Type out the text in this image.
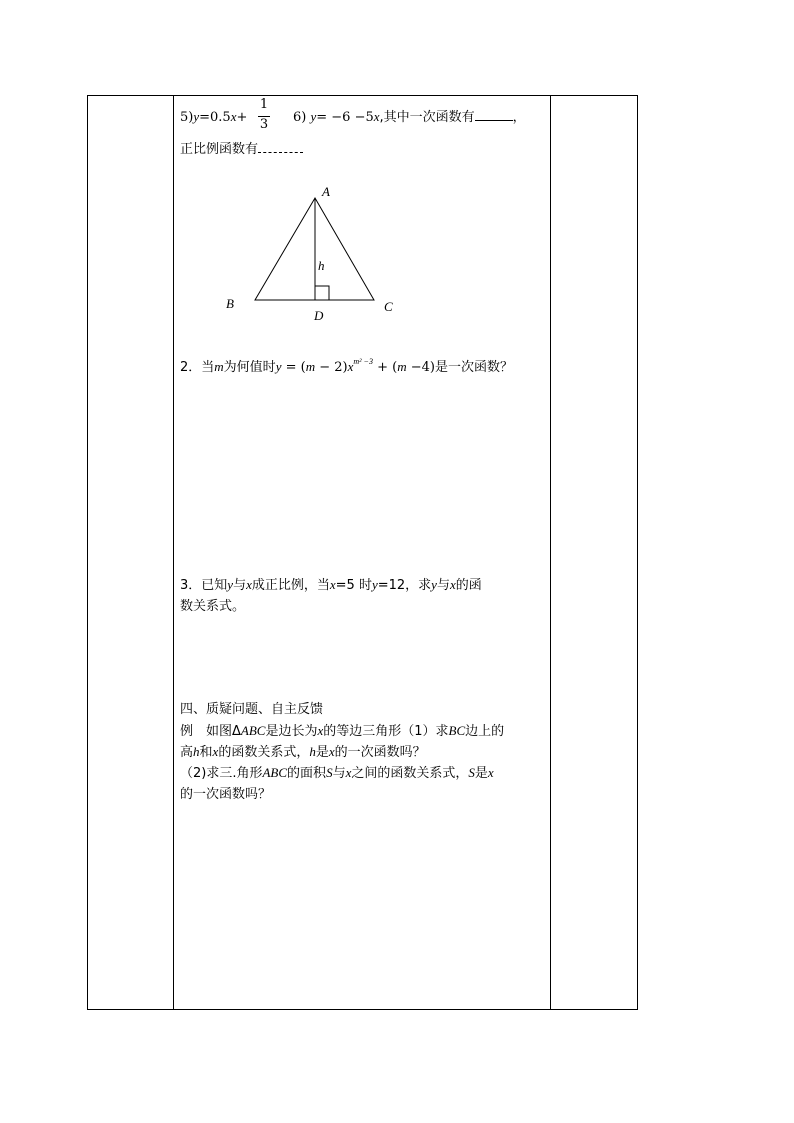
5)y=0.5x+
1
3 6) y= −6 −5x,其中一次函数有	，
正比例函数有
A
B	C
D
h
2．当m为何值时$y = (m - 2)x^{m^2 -3} + (m -4)$是一次函数？
3．已知y与x成正比例，当x=5 时y=12，求y与x的函
数关系式。
四、质疑问题、自主反馈
例　如图ΔABC是边长为x的等边三角形（1）求BC边上的
高h和x的函数关系式，h是x的一次函数吗？
（2)求三.角形ABC的面积S与x之间的函数关系式，S是x
的一次函数吗？
